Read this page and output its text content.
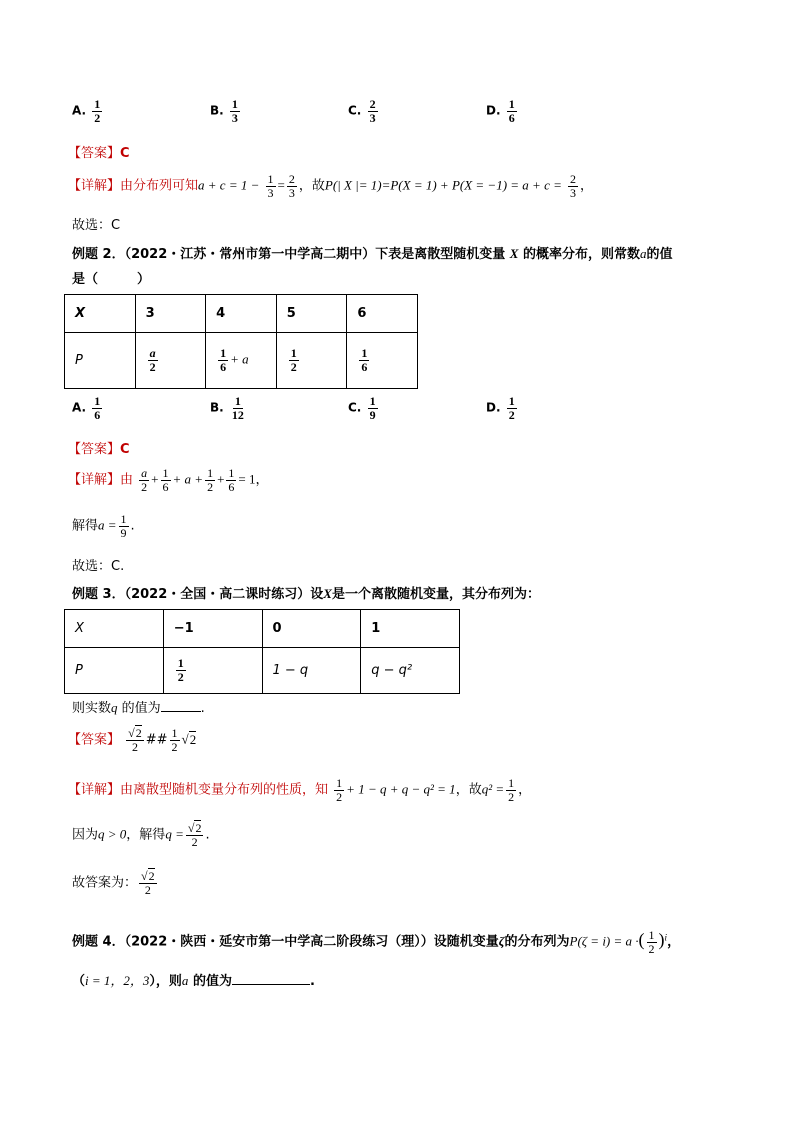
A. $\frac{1}{2}$	B. $\frac{1}{3}$	C. $\frac{2}{3}$	D. $\frac{1}{6}$
【答案】C
【详解】由分布列可知$a + c = 1 - \frac{1}{3} = \frac{2}{3}$ ，故P(| X |= $1)=P(X = 1) + P(X = -1) = a + c = \frac{2}{3}$ ，
故选：C
例题 2．（2022・江苏・常州市第一中学高二期中）下表是离散型随机变量 X 的概率分布，则常数a的值
是（　　　）
X	3	4	5	6
P	$\frac{a}{2}$	$\frac{1}{6} + a$	$\frac{1}{2}$	$\frac{1}{6}$
A. $\frac{1}{6}$	B. $\frac{1}{12}$	C. $\frac{1}{9}$	D. $\frac{1}{2}$
【答案】C
【详解】由 $\frac{a}{2} + \frac{1}{6} + a + \frac{1}{2} + \frac{1}{6} = 1$，
解得$a = \frac{1}{9}$ .
故选：C.
例题 3．（2022・全国・高二课时练习）设X是一个离散随机变量，其分布列为：
X	−1	0	1
P	$\frac{1}{2}$	1 − q	q − q²
则实数q 的值为	.
【答案】 $\frac{√2}{2}$ ## $\frac{1}{2} √2$
【详解】由离散型随机变量分布列的性质，知 $\frac{1}{2} + 1 - q + q - q^2 = 1$，故$q^2 = \frac{1}{2}$ ，
因为q > 0，解得$q = \frac{√2}{2}$ .
故答案为： $\frac{√2}{2}$
例题 4．（2022・陕西・延安市第一中学高二阶段练习（理））设随机变量ζ的分布列为P(ζ = i) = a ·( $\frac{1}{2} )^i$，
（i = 1，2，3），则a 的值为	.
